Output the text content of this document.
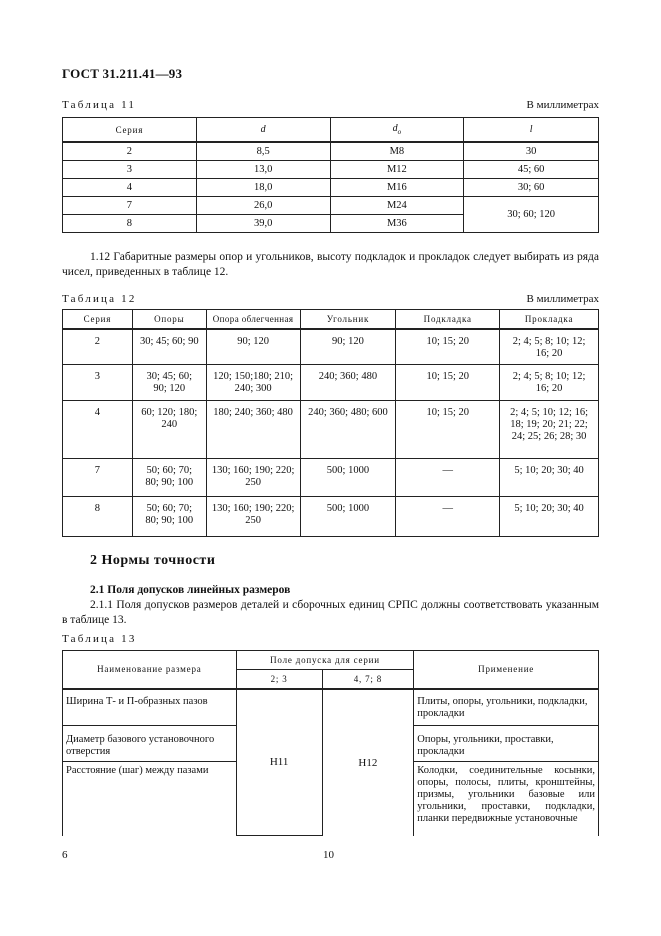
ГОСТ 31.211.41—93
Таблица 11	В миллиметрах
Серия	d	$d_o$	l
2	8,5	M8	30
3	13,0	M12	45; 60
4	18,0	M16	30; 60
7	26,0	M24	30; 60; 120
8	39,0	M36	
1.12 Габаритные размеры опор и угольников, высоту подкладок и прокладок следует выбирать из ряда чисел, приведенных в таблице 12.
Таблица 12	В миллиметрах
Серия	Опоры	Опора облегченная	Угольник	Подкладка	Прокладка
2	30; 45; 60; 90	90; 120	90; 120	10; 15; 20	2; 4; 5; 8; 10; 12; 16; 20
3	30; 45; 60; 90; 120	120; 150;180; 210; 240; 300	240; 360; 480	10; 15; 20	2; 4; 5; 8; 10; 12; 16; 20
4	60; 120; 180; 240	180; 240; 360; 480	240; 360; 480; 600	10; 15; 20	2; 4; 5; 10; 12; 16; 18; 19; 20; 21; 22; 24; 25; 26; 28; 30
7	50; 60; 70; 80; 90; 100	130; 160; 190; 220; 250	500; 1000	—	5; 10; 20; 30; 40
8	50; 60; 70; 80; 90; 100	130; 160; 190; 220; 250	500; 1000	—	5; 10; 20; 30; 40
2 Нормы точности
2.1 Поля допусков линейных размеров
2.1.1 Поля допусков размеров деталей и сборочных единиц СРПС должны соответствовать указанным в таблице 13.
Таблица 13
Наименование размера	Поле допуска для серии		Применение
	2; 3	4, 7; 8	
Ширина Т- и П-образных пазов	H11	H12	Плиты, опоры, угольники, подкладки, прокладки
Диаметр базового установочного отверстия			Опоры, угольники, проставки, прокладки
Расстояние (шаг) между пазами			Колодки, соединительные косынки, опоры, полосы, плиты, кронштейны, призмы, угольники базовые или угольники, проставки, подкладки, планки передвижные установочные
6	10
